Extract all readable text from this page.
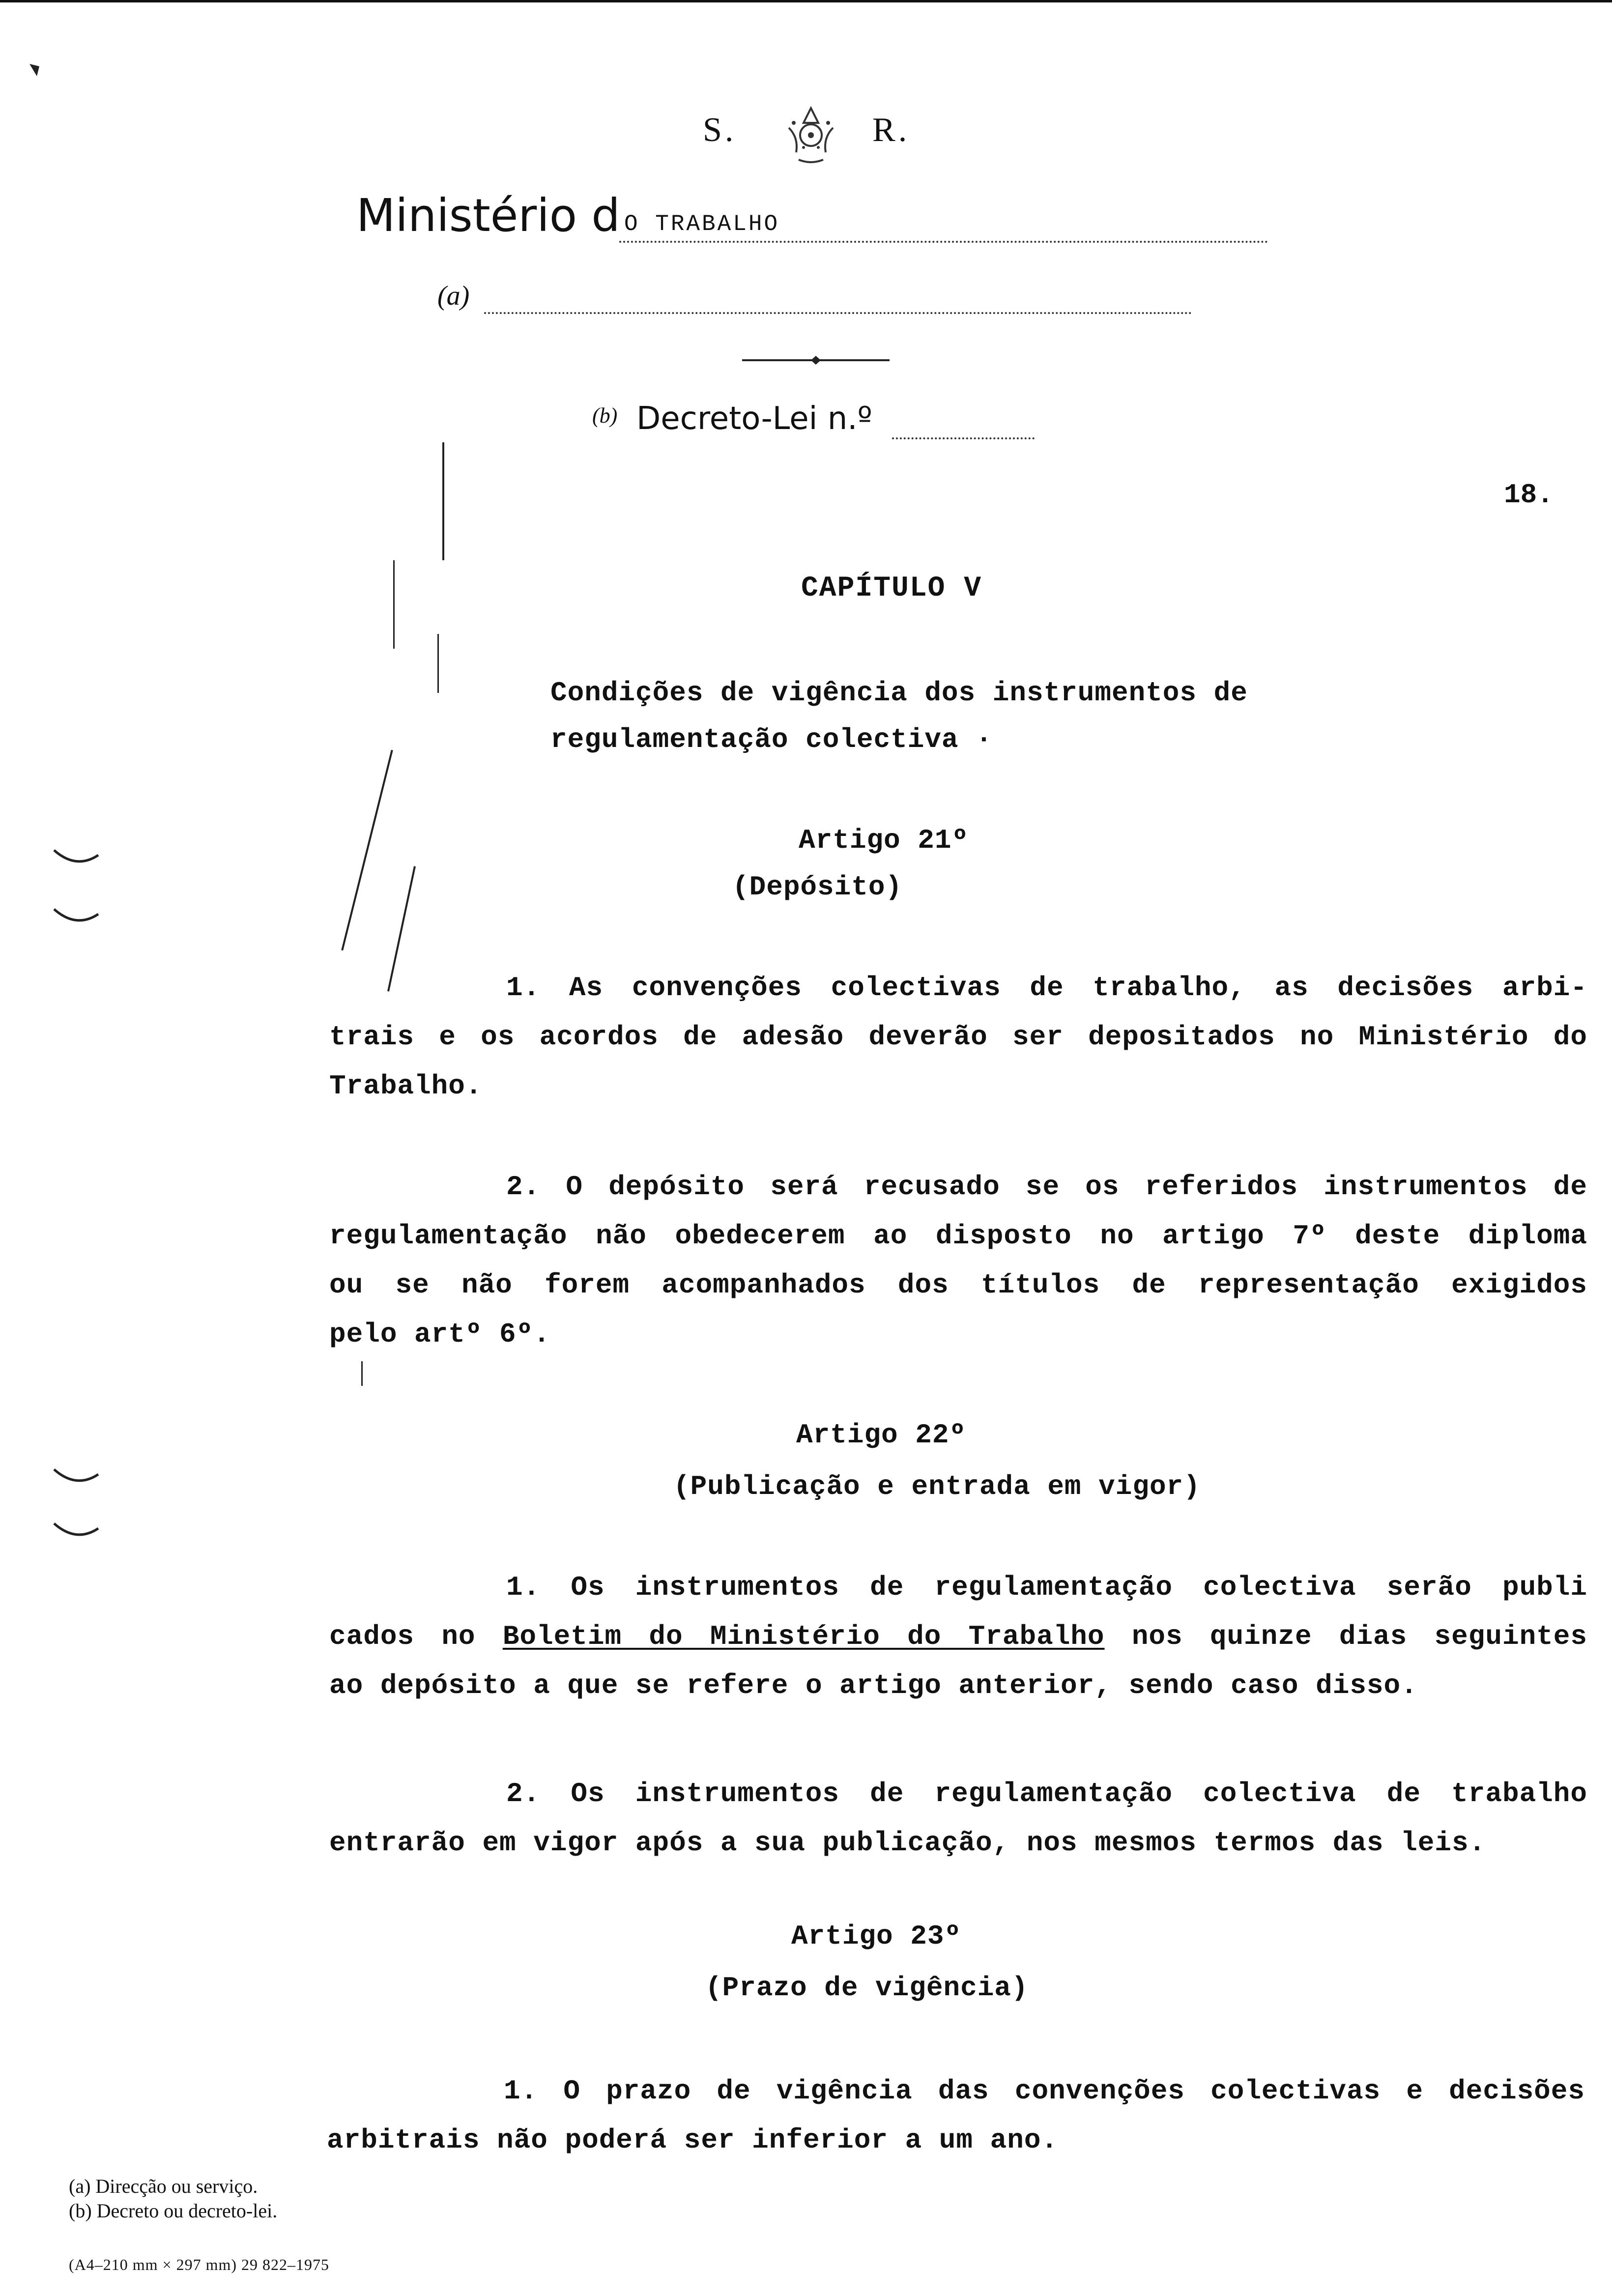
S.	R.
Ministério d O TRABALHO
(a)
(b) Decreto-Lei n.º
18.
CAPÍTULO V
Condições de vigência dos instrumentos de
regulamentação colectiva ·
Artigo 21º
(Depósito)
1. As convenções colectivas de trabalho, as decisões arbi-
trais e os acordos de adesão deverão ser depositados no Ministério do
Trabalho.
2. O depósito será recusado se os referidos instrumentos de
regulamentação não obedecerem ao disposto no artigo 7º deste diploma
ou se não forem acompanhados dos títulos de representação exigidos
pelo artº 6º.
Artigo 22º
(Publicação e entrada em vigor)
1. Os instrumentos de regulamentação colectiva serão publi
cados no Boletim do Ministério do Trabalho nos quinze dias seguintes
ao depósito a que se refere o artigo anterior, sendo caso disso.
2. Os instrumentos de regulamentação colectiva de trabalho
entrarão em vigor após a sua publicação, nos mesmos termos das leis.
Artigo 23º
(Prazo de vigência)
1. O prazo de vigência das convenções colectivas e decisões
arbitrais não poderá ser inferior a um ano.
(a) Direcção ou serviço.
(b) Decreto ou decreto-lei.
(A4–210 mm × 297 mm) 29 822–1975
